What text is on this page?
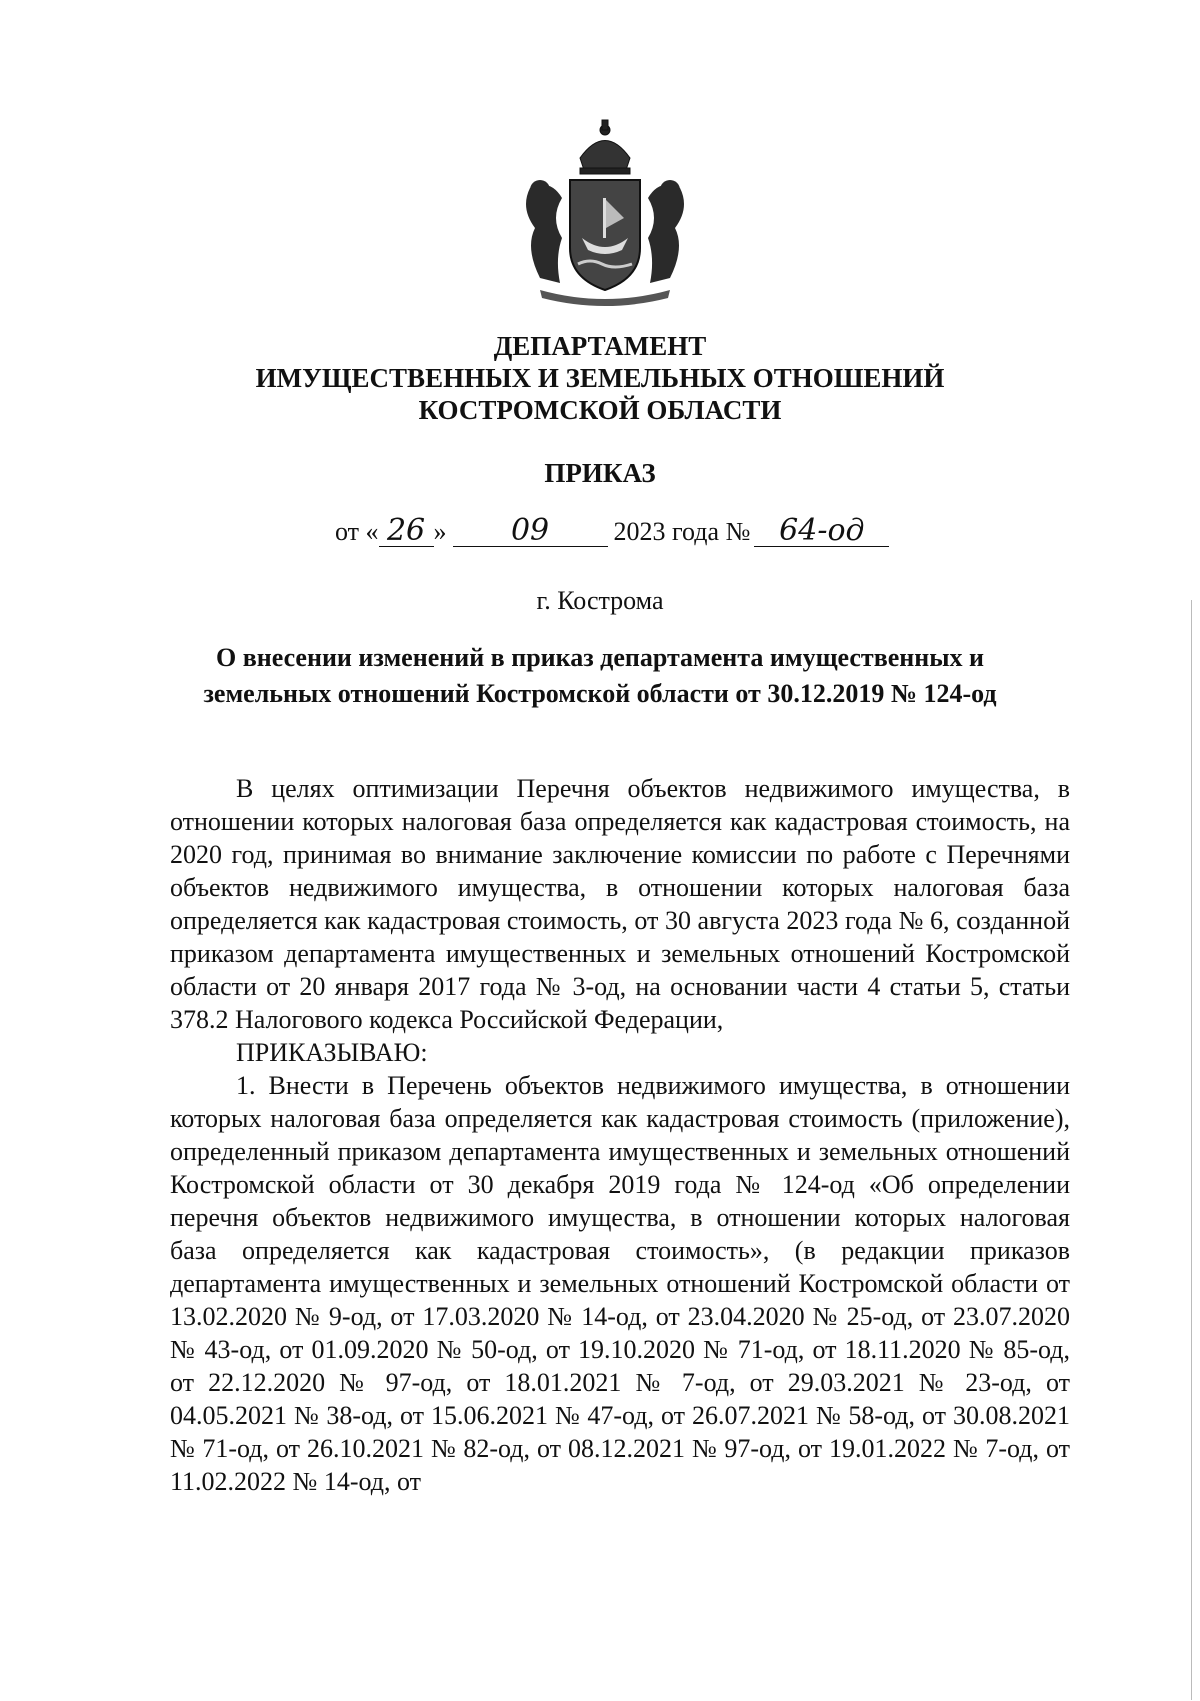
ДЕПАРТАМЕНТ
ИМУЩЕСТВЕННЫХ И ЗЕМЕЛЬНЫХ ОТНОШЕНИЙ
КОСТРОМСКОЙ ОБЛАСТИ
ПРИКАЗ
от « 26 » 09 2023 года № 64-од
г. Кострома
О внесении изменений в приказ департамента имущественных и земельных отношений Костромской области от 30.12.2019 № 124-од

В целях оптимизации Перечня объектов недвижимого имущества, в отношении которых налоговая база определяется как кадастровая стоимость, на 2020 год, принимая во внимание заключение комиссии по работе с Перечнями объектов недвижимого имущества, в отношении которых налоговая база определяется как кадастровая стоимость, от 30 августа 2023 года № 6, созданной приказом департамента имущественных и земельных отношений Костромской области от 20 января 2017 года № 3-од, на основании части 4 статьи 5, статьи 378.2 Налогового кодекса Российской Федерации,

ПРИКАЗЫВАЮ:

1. Внести в Перечень объектов недвижимого имущества, в отношении которых налоговая база определяется как кадастровая стоимость (приложение), определенный приказом департамента имущественных и земельных отношений Костромской области от 30 декабря 2019 года № 124-од «Об определении перечня объектов недвижимого имущества, в отношении которых налоговая база определяется как кадастровая стоимость», (в редакции приказов департамента имущественных и земельных отношений Костромской области от 13.02.2020 № 9-од, от 17.03.2020 № 14-од, от 23.04.2020 № 25-од, от 23.07.2020 № 43-од, от 01.09.2020 № 50-од, от 19.10.2020 № 71-од, от 18.11.2020 № 85-од, от 22.12.2020 № 97-од, от 18.01.2021 № 7-од, от 29.03.2021 № 23-од, от 04.05.2021 № 38-од, от 15.06.2021 № 47-од, от 26.07.2021 № 58-од, от 30.08.2021 № 71-од, от 26.10.2021 № 82-од, от 08.12.2021 № 97-од, от 19.01.2022 № 7-од, от 11.02.2022 № 14-од, от
